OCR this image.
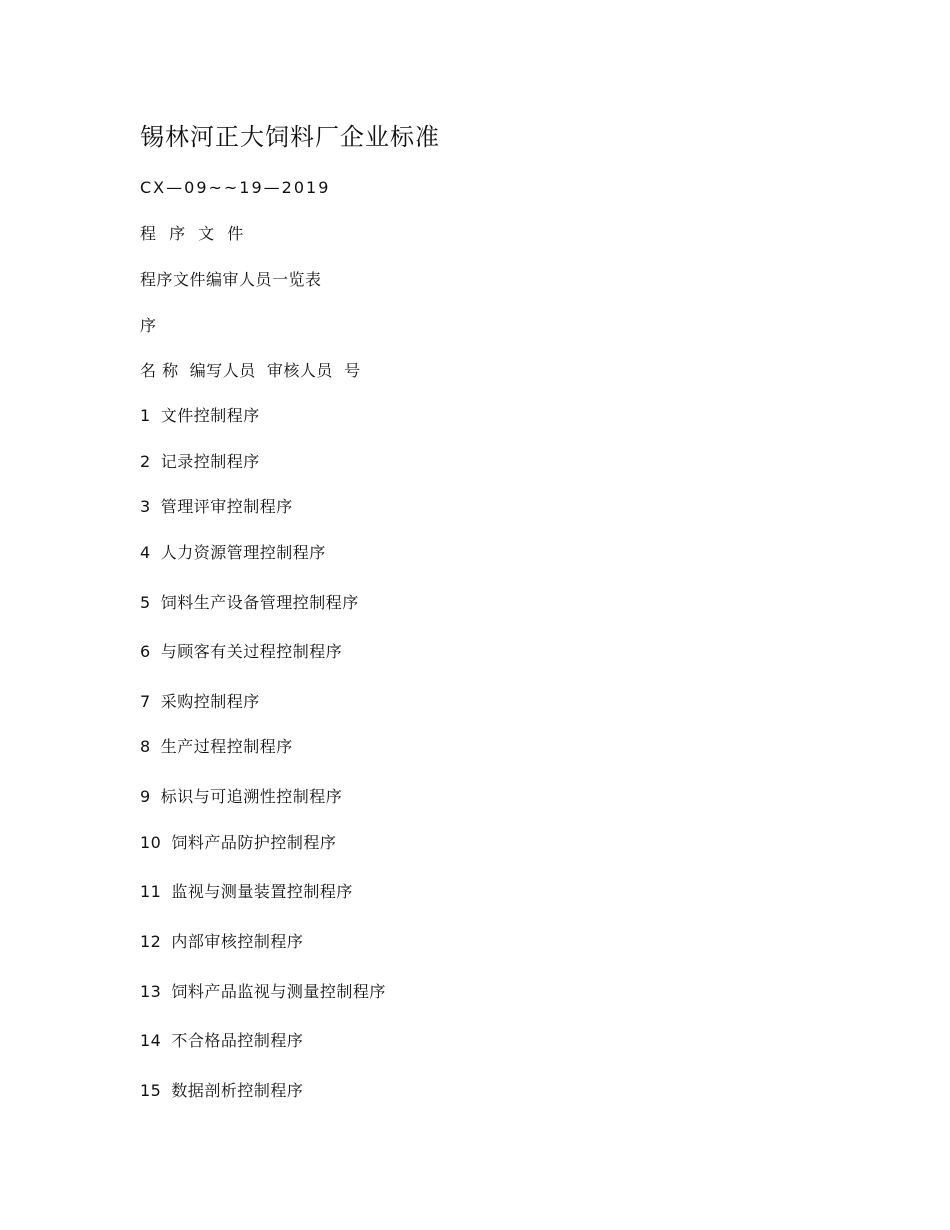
锡林河正大饲料厂企业标准
CX—09~~19—2019
程 序 文 件
程序文件编审人员一览表
序
名 称  编写人员  审核人员  号
1 文件控制程序
2 记录控制程序
3 管理评审控制程序
4 人力资源管理控制程序
5 饲料生产设备管理控制程序
6 与顾客有关过程控制程序
7 采购控制程序
8 生产过程控制程序
9 标识与可追溯性控制程序
10 饲料产品防护控制程序
11 监视与测量装置控制程序
12 内部审核控制程序
13 饲料产品监视与测量控制程序
14 不合格品控制程序
15 数据剖析控制程序
